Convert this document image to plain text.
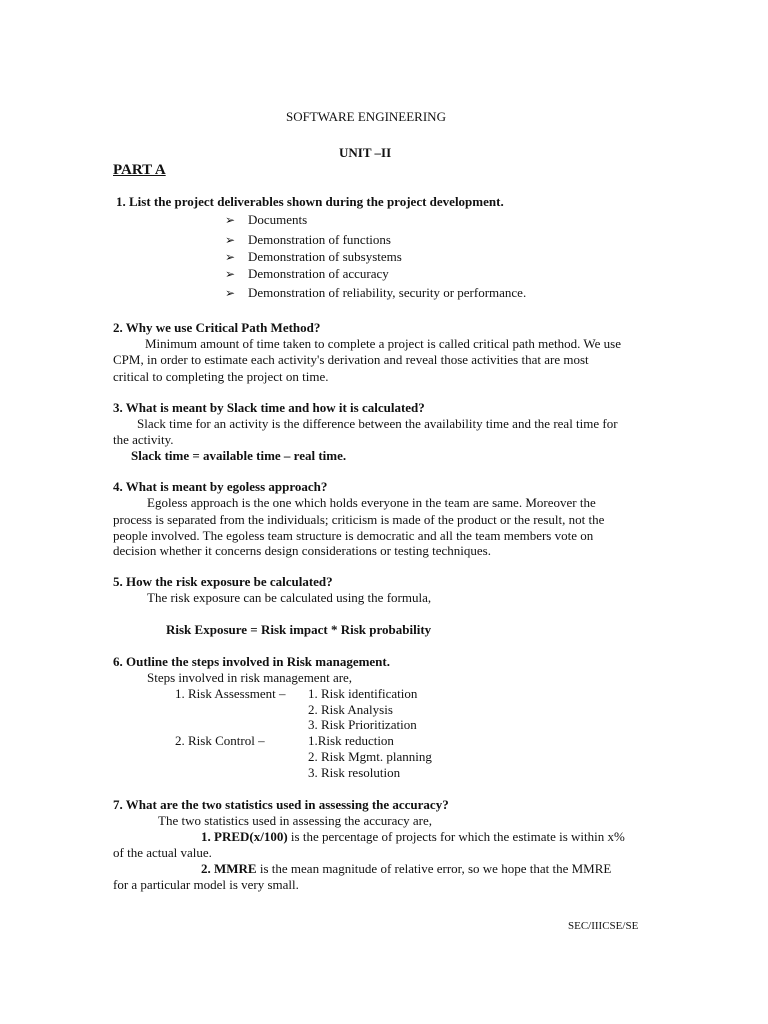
SOFTWARE ENGINEERING
UNIT –II
PART A
1. List the project deliverables shown during the project development.
➢ Documents
➢ Demonstration of functions
➢ Demonstration of subsystems
➢ Demonstration of accuracy
➢ Demonstration of reliability, security or performance.
2. Why we use Critical Path Method?
Minimum amount of time taken to complete a project is called critical path method. We use
CPM, in order to estimate each activity's derivation and reveal those activities that are most
critical to completing the project on time.
3. What is meant by Slack time and how it is calculated?
Slack time for an activity is the difference between the availability time and the real time for
the activity.
Slack time = available time – real time.
4. What is meant by egoless approach?
Egoless approach is the one which holds everyone in the team are same. Moreover the
process is separated from the individuals; criticism is made of the product or the result, not the
people involved. The egoless team structure is democratic and all the team members vote on
decision whether it concerns design considerations or testing techniques.
5. How the risk exposure be calculated?
The risk exposure can be calculated using the formula,
Risk Exposure = Risk impact * Risk probability
6. Outline the steps involved in Risk management.
Steps involved in risk management are,
1. Risk Assessment – 1. Risk identification
2. Risk Analysis
3. Risk Prioritization
2. Risk Control –	1.Risk reduction
2. Risk Mgmt. planning
3. Risk resolution
7. What are the two statistics used in assessing the accuracy?
The two statistics used in assessing the accuracy are,
1. PRED(x/100) is the percentage of projects for which the estimate is within x%
of the actual value.
2. MMRE is the mean magnitude of relative error, so we hope that the MMRE
for a particular model is very small.
SEC/IIICSE/SE
